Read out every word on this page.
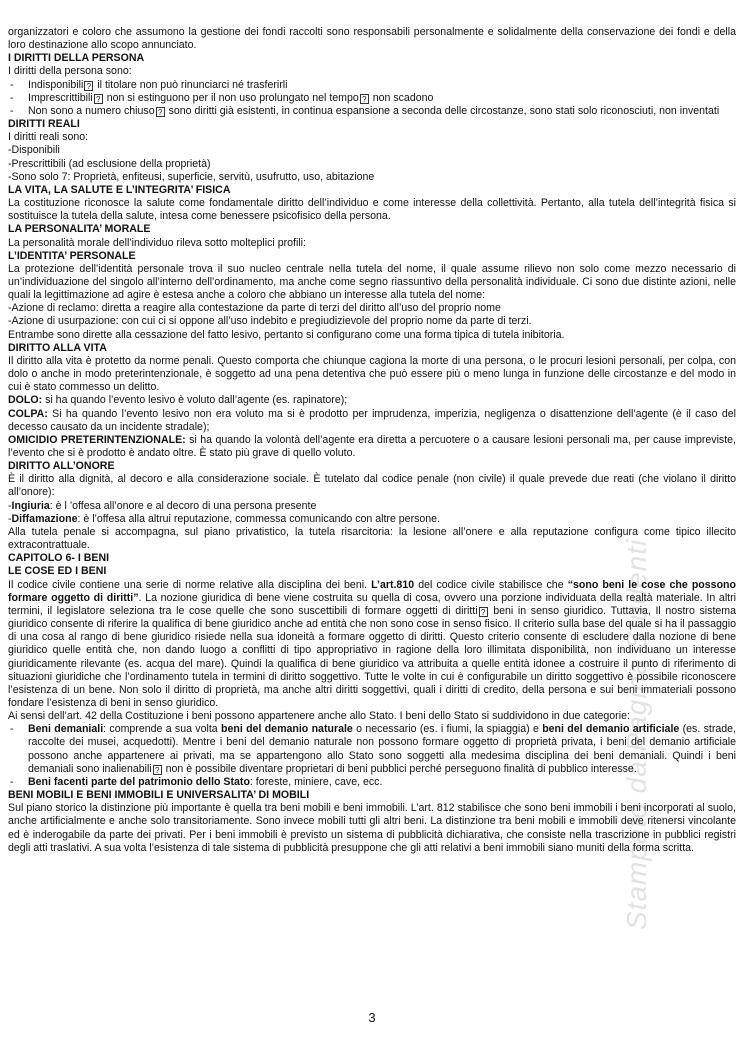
Stampato da Pagina Studenti

organizzatori e coloro che assumono la gestione dei fondi raccolti sono responsabili personalmente e solidalmente della conservazione dei fondi e della loro destinazione allo scopo annunciato.

I DIRITTI DELLA PERSONA

I diritti della persona sono:

- Indisponibili ? il titolare non può rinunciarci né trasferirli

- Imprescrittibili ? non si estinguono per il non uso prolungato nel tempo ? non scadono

- Non sono a numero chiuso ? sono diritti già esistenti, in continua espansione a seconda delle circostanze, sono stati solo riconosciuti, non inventati

DIRITTI REALI

I diritti reali sono:

-Disponibili

-Prescrittibili (ad esclusione della proprietà)

-Sono solo 7: Proprietà, enfiteusi, superficie, servitù, usufrutto, uso, abitazione

LA VITA, LA SALUTE E L’INTEGRITA’ FISICA

La costituzione riconosce la salute come fondamentale diritto dell’individuo e come interesse della collettività. Pertanto, alla tutela dell’integrità fisica si sostituisce la tutela della salute, intesa come benessere psicofisico della persona.

LA PERSONALITA’ MORALE

La personalità morale dell’individuo rileva sotto molteplici profili:

L’IDENTITA’ PERSONALE

La protezione dell’identità personale trova il suo nucleo centrale nella tutela del nome, il quale assume rilievo non solo come mezzo necessario di un’individuazione del singolo all’interno dell’ordinamento, ma anche come segno riassuntivo della personalità individuale. Ci sono due distinte azioni, nelle quali la legittimazione ad agire è estesa anche a coloro che abbiano un interesse alla tutela del nome:

-Azione di reclamo: diretta a reagire alla contestazione da parte di terzi del diritto all’uso del proprio nome

-Azione di usurpazione: con cui ci si oppone all’uso indebito e pregiudizievole del proprio nome da parte di terzi.

Entrambe sono dirette alla cessazione del fatto lesivo, pertanto si configurano come una forma tipica di tutela inibitoria.

DIRITTO ALLA VITA

Il diritto alla vita è protetto da norme penali. Questo comporta che chiunque cagiona la morte di una persona, o le procuri lesioni personali, per colpa, con dolo o anche in modo preterintenzionale, è soggetto ad una pena detentiva che può essere più o meno lunga in funzione delle circostanze e del modo in cui è stato commesso un delitto.

DOLO: si ha quando l’evento lesivo è voluto dall’agente (es. rapinatore);

COLPA: Si ha quando l’evento lesivo non era voluto ma si è prodotto per imprudenza, imperizia, negligenza o disattenzione dell’agente (è il caso del decesso causato da un incidente stradale);

OMICIDIO PRETERINTENZIONALE: si ha quando la volontà dell’agente era diretta a percuotere o a causare lesioni personali ma, per cause impreviste, l’evento che si è prodotto è andato oltre. È stato più grave di quello voluto.

DIRITTO ALL’ONORE

È il diritto alla dignità, al decoro e alla considerazione sociale. È tutelato dal codice penale (non civile) il quale prevede due reati (che violano il diritto all’onore):

-Ingiuria: è l ’offesa all’onore e al decoro di una persona presente

-Diffamazione: è l’offesa alla altrui reputazione, commessa comunicando con altre persone.

Alla tutela penale si accompagna, sul piano privatistico, la tutela risarcitoria: la lesione all’onere e alla reputazione configura come tipico illecito extracontrattuale.

CAPITOLO 6- I BENI

LE COSE ED I BENI

Il codice civile contiene una serie di norme relative alla disciplina dei beni. L’art.810 del codice civile stabilisce che “sono beni le cose che possono formare oggetto di diritti”. La nozione giuridica di bene viene costruita su quella di cosa, ovvero una porzione individuata della realtà materiale. In altri termini, il legislatore seleziona tra le cose quelle che sono suscettibili di formare oggetti di diritti ? beni in senso giuridico. Tuttavia, Il nostro sistema giuridico consente di riferire la qualifica di bene giuridico anche ad entità che non sono cose in senso fisico. Il criterio sulla base del quale si ha il passaggio di una cosa al rango di bene giuridico risiede nella sua idoneità a formare oggetto di diritti. Questo criterio consente di escludere dalla nozione di bene giuridico quelle entità che, non dando luogo a conflitti di tipo appropriativo in ragione della loro illimitata disponibilità, non individuano un interesse giuridicamente rilevante (es. acqua del mare). Quindi la qualifica di bene giuridico va attribuita a quelle entità idonee a costruire il punto di riferimento di situazioni giuridiche che l’ordinamento tutela in termini di diritto soggettivo. Tutte le volte in cui è configurabile un diritto soggettivo è possibile riconoscere l’esistenza di un bene. Non solo il diritto di proprietà, ma anche altri diritti soggettivi, quali i diritti di credito, della persona e sui beni immateriali possono fondare l’esistenza di beni in senso giuridico.

Ai sensi dell’art. 42 della Costituzione i beni possono appartenere anche allo Stato. I beni dello Stato si suddividono in due categorie:

- Beni demaniali: comprende a sua volta beni del demanio naturale o necessario (es. i fiumi, la spiaggia) e beni del demanio artificiale (es. strade, raccolte dei musei, acquedotti). Mentre i beni del demanio naturale non possono formare oggetto di proprietà privata, i beni del demanio artificiale possono anche appartenere ai privati, ma se appartengono allo Stato sono soggetti alla medesima disciplina dei beni demaniali. Quindi i beni demaniali sono inalienabili ? non è possibile diventare proprietari di beni pubblici perché perseguono finalità di pubblico interesse.

- Beni facenti parte del patrimonio dello Stato: foreste, miniere, cave, ecc.

BENI MOBILI E BENI IMMOBILI E UNIVERSALITA’ DI MOBILI

Sul piano storico la distinzione più importante è quella tra beni mobili e beni immobili. L’art. 812 stabilisce che sono beni immobili i beni incorporati al suolo, anche artificialmente e anche solo transitoriamente. Sono invece mobili tutti gli altri beni. La distinzione tra beni mobili e immobili deve ritenersi vincolante ed è inderogabile da parte dei privati. Per i beni immobili è previsto un sistema di pubblicità dichiarativa, che consiste nella trascrizione in pubblici registri degli atti traslativi. A sua volta l’esistenza di tale sistema di pubblicità presuppone che gli atti relativi a beni immobili siano muniti della forma scritta.

3
